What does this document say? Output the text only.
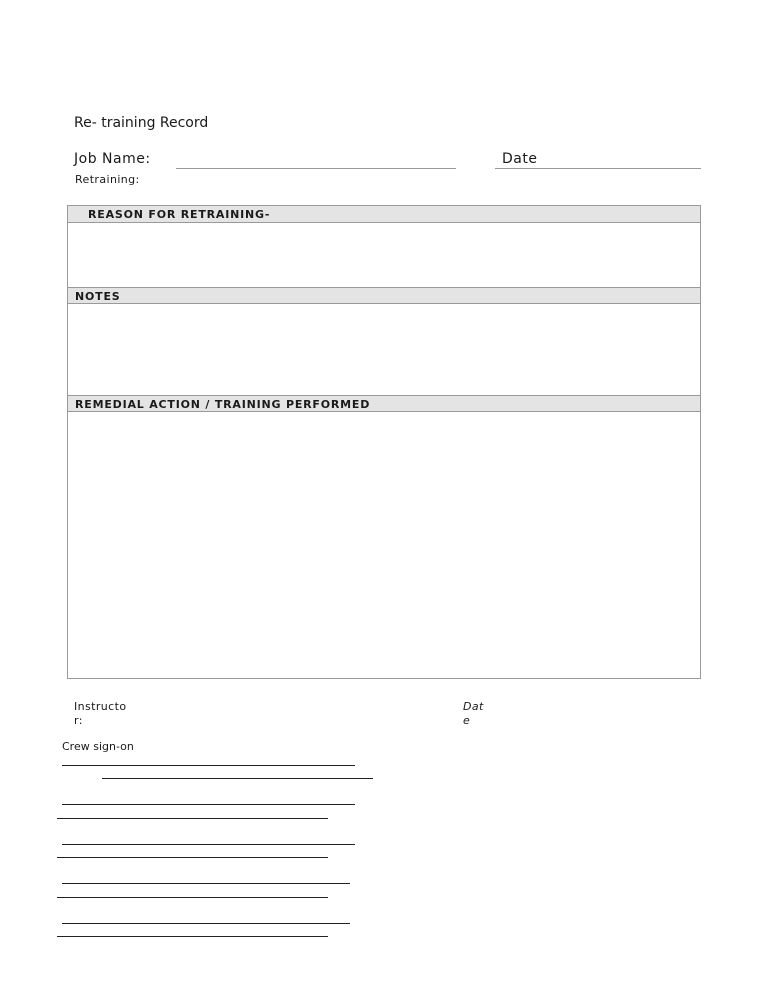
Re- training Record
Job Name:	Date
Retraining:
REASON FOR RETRAINING-
NOTES
REMEDIAL ACTION / TRAINING PERFORMED
Instructo
r:
Dat
e
Crew sign-on
